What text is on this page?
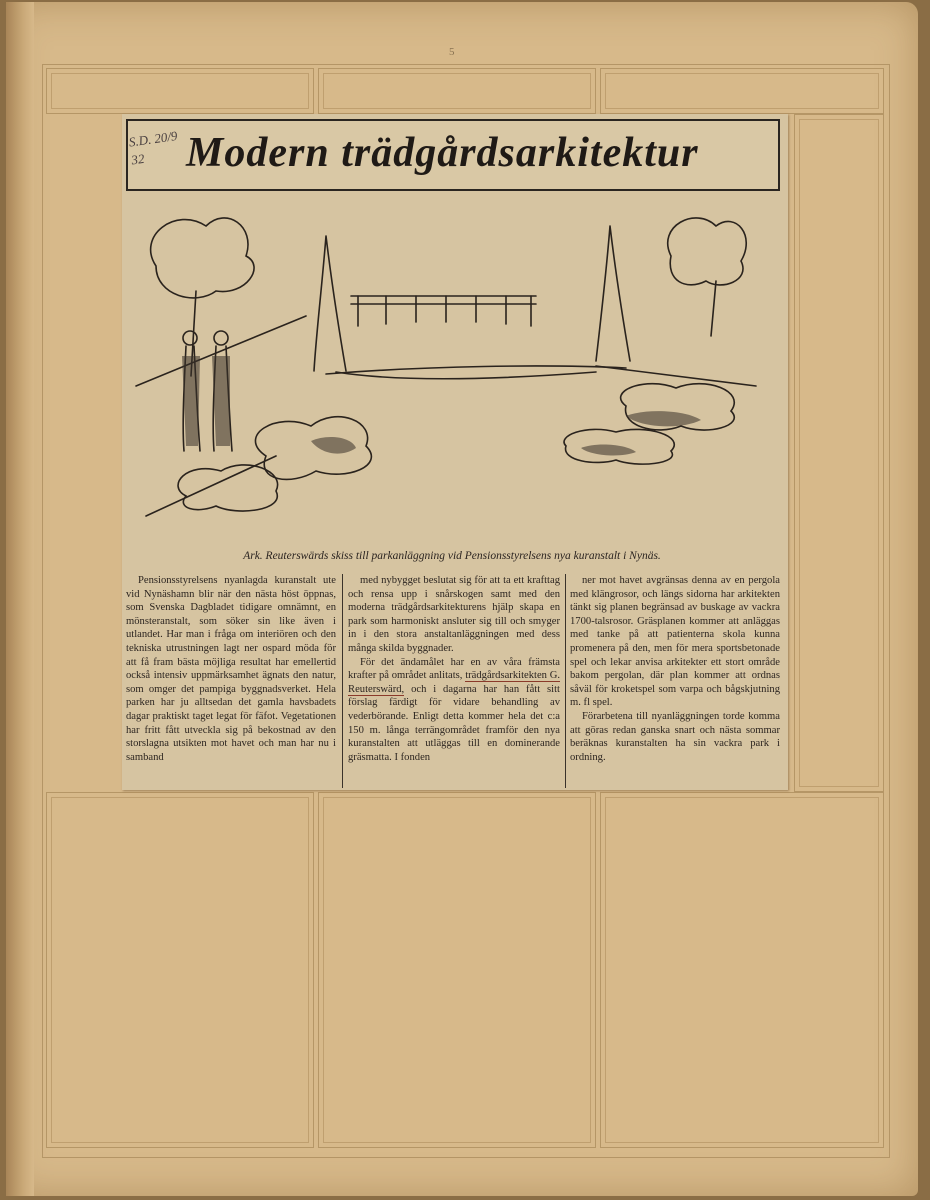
5
S.D. 20/9 32 Modern trädgårdsarkitektur
Ark. Reuterswärds skiss till parkanläggning vid Pensionsstyrelsens nya kuranstalt i Nynäs.

Pensionsstyrelsens nyanlagda kuranstalt ute vid Nynäshamn blir när den nästa höst öppnas, som Svenska Dagbladet tidigare omnämnt, en mönsteranstalt, som söker sin like även i utlandet. Har man i fråga om interiören och den tekniska utrustningen lagt ner ospard möda för att få fram bästa möjliga resultat har emellertid också intensiv uppmärksamhet ägnats den natur, som omger det pampiga byggnadsverket. Hela parken har ju alltsedan det gamla havsbadets dagar praktiskt taget legat för fäfot. Vegetationen har fritt fått utveckla sig på bekostnad av den storslagna utsikten mot havet och man har nu i samband

med nybygget beslutat sig för att ta ett krafttag och rensa upp i snårskogen samt med den moderna trädgårdsarkitekturens hjälp skapa en park som harmoniskt ansluter sig till och smyger in i den stora anstaltanläggningen med dess många skilda byggnader.

För det ändamålet har en av våra främsta krafter på området anlitats, trädgårdsarkitekten G. Reuterswärd, och i dagarna har han fått sitt förslag färdigt för vidare behandling av vederbörande. Enligt detta kommer hela det c:a 150 m. långa terrängområdet framför den nya kuranstalten att utläggas till en dominerande gräsmatta. I fonden

ner mot havet avgränsas denna av en pergola med klängrosor, och längs sidorna har arkitekten tänkt sig planen begränsad av buskage av vackra 1700-talsrosor. Gräsplanen kommer att anläggas med tanke på att patienterna skola kunna promenera på den, men för mera sportsbetonade spel och lekar anvisa arkitekter ett stort område bakom pergolan, där plan kommer att ordnas såväl för kroketspel som varpa och bågskjutning m. fl spel.

Förarbetena till nyanläggningen torde komma att göras redan ganska snart och nästa sommar beräknas kuranstalten ha sin vackra park i ordning.
